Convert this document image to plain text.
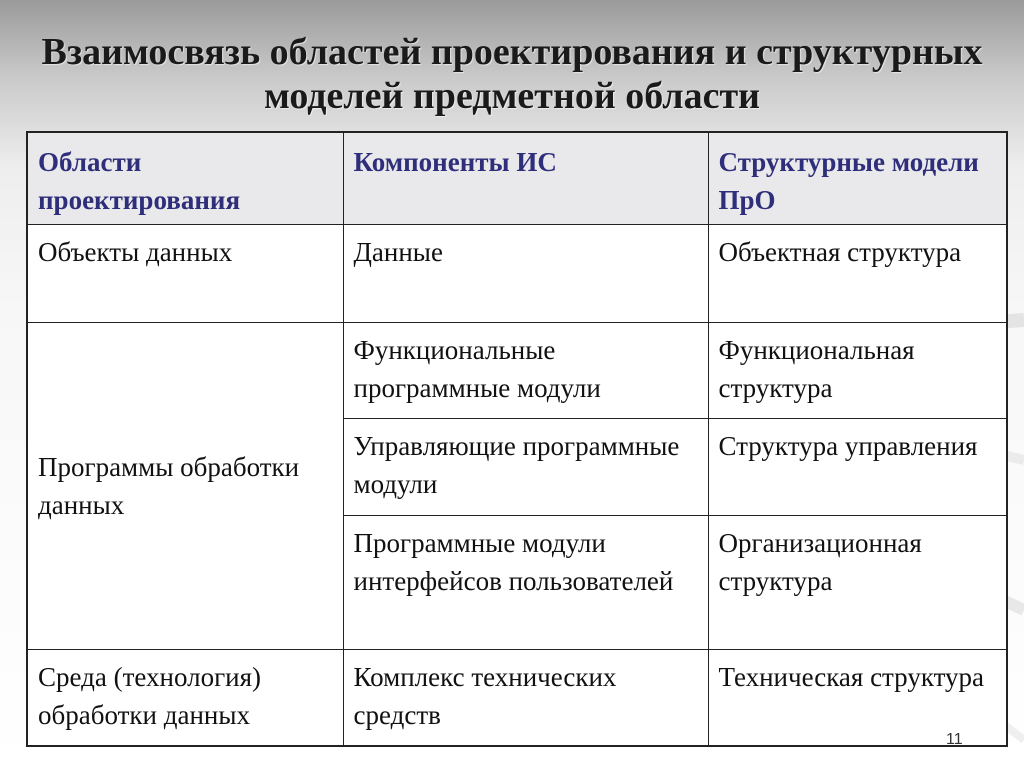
Взаимосвязь областей проектирования и структурных моделей предметной области
Области проектирования	Компоненты ИС	Структурные модели ПрО
Объекты данных	Данные	Объектная структура
Программы обработки данных	Функциональные программные модули	Функциональная структура
	Управляющие программные модули	Структура управления
	Программные модули интерфейсов пользователей	Организационная структура
Среда (технология) обработки данных	Комплекс технических средств	Техническая структура
11
